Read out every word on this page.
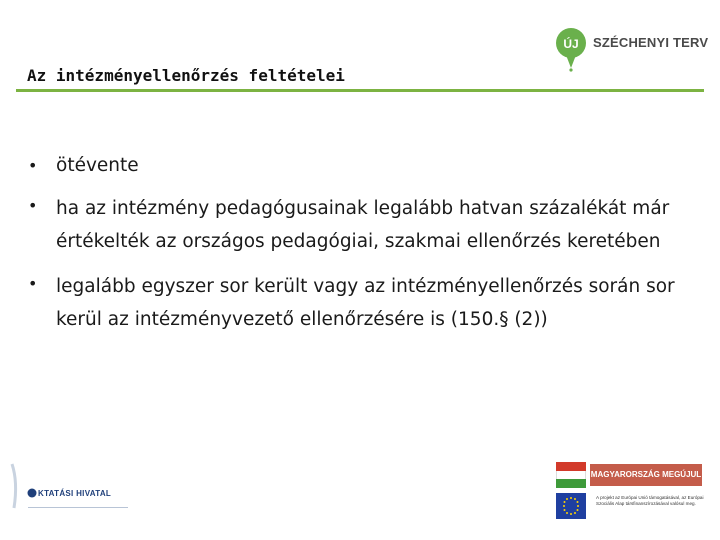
Az intézményellenőrzés feltételei
ÚJ SZÉCHENYI TERV
• ötévente
• ha az intézmény pedagógusainak legalább hatvan százalékát már értékelték az országos pedagógiai, szakmai ellenőrzés keretében
• legalább egyszer sor került vagy az intézményellenőrzés során sor kerül az intézményvezető ellenőrzésére is (150.§ (2))
KTATÁSI HIVATAL
MAGYARORSZÁG MEGÚJUL
A projekt az Európai Unió támogatásával, az Európai Szociális Alap társfinanszírozásával valósul meg.
